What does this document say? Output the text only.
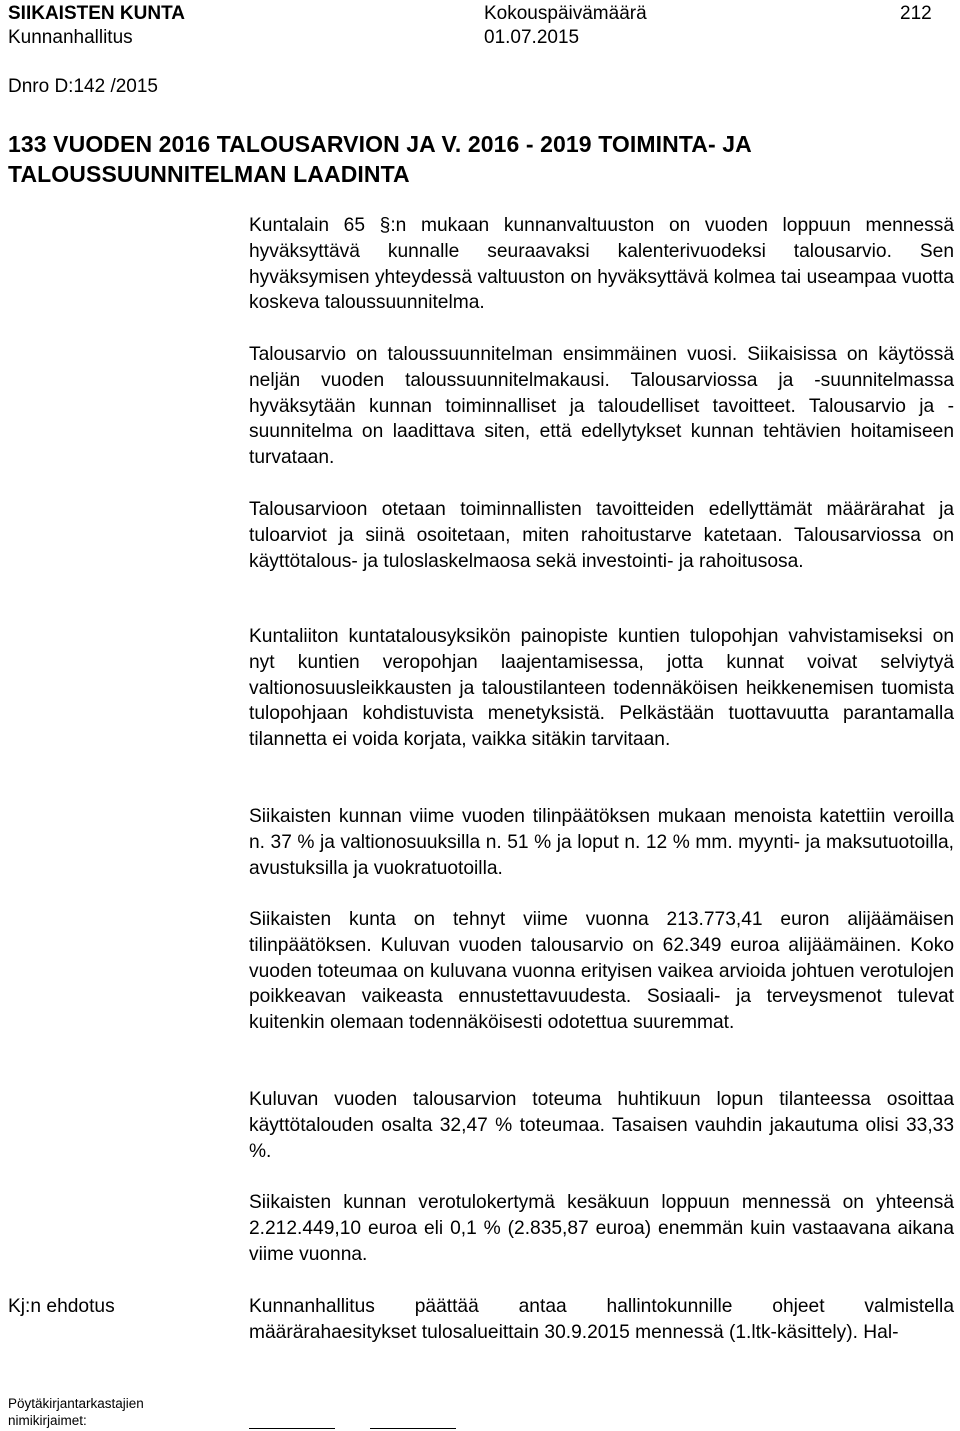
SIIKAISTEN KUNTA
Kunnanhallitus
Kokouspäivämäärä
01.07.2015
212
Dnro D:142 /2015
133 VUODEN 2016 TALOUSARVION JA V. 2016 - 2019 TOIMINTA- JA TALOUSSUUNNITELMAN LAADINTA

Kuntalain 65 §:n mukaan kunnanvaltuuston on vuoden loppuun mennessä hyväksyttävä kunnalle seuraavaksi kalenterivuodeksi talousarvio. Sen hyväksymisen yhteydessä valtuuston on hyväksyttävä kolmea tai useampaa vuotta koskeva taloussuunnitelma.

Talousarvio on taloussuunnitelman ensimmäinen vuosi. Siikaisissa on käytössä neljän vuoden taloussuunnitelmakausi. Talousarviossa ja -suunnitelmassa hyväksytään kunnan toiminnalliset ja taloudelliset tavoitteet. Talousarvio ja -suunnitelma on laadittava siten, että edellytykset kunnan tehtävien hoitamiseen turvataan.

Talousarvioon otetaan toiminnallisten tavoitteiden edellyttämät määrärahat ja tuloarviot ja siinä osoitetaan, miten rahoitustarve katetaan. Talousarviossa on käyttötalous- ja tuloslaskelmaosa sekä investointi- ja rahoitusosa.

Kuntaliiton kuntatalousyksikön painopiste kuntien tulopohjan vahvistamiseksi on nyt kuntien veropohjan laajentamisessa, jotta kunnat voivat selviytyä valtionosuusleikkausten ja taloustilanteen todennäköisen heikkenemisen tuomista tulopohjaan kohdistuvista menetyksistä. Pelkästään tuottavuutta parantamalla tilannetta ei voida korjata, vaikka sitäkin tarvitaan.

Siikaisten kunnan viime vuoden tilinpäätöksen mukaan menoista katettiin veroilla n. 37 % ja valtionosuuksilla n. 51 % ja loput n. 12 % mm. myynti- ja maksutuotoilla, avustuksilla ja vuokratuotoilla.

Siikaisten kunta on tehnyt viime vuonna 213.773,41 euron alijäämäisen tilinpäätöksen. Kuluvan vuoden talousarvio on 62.349 euroa alijäämäinen. Koko vuoden toteumaa on kuluvana vuonna erityisen vaikea arvioida johtuen verotulojen poikkeavan vaikeasta ennustettavuudesta. Sosiaali- ja terveysmenot tulevat kuitenkin olemaan todennäköisesti odotettua suuremmat.

Kuluvan vuoden talousarvion toteuma huhtikuun lopun tilanteessa osoittaa käyttötalouden osalta 32,47 % toteumaa. Tasaisen vauhdin jakautuma olisi 33,33 %.

Siikaisten kunnan verotulokertymä kesäkuun loppuun mennessä on yhteensä 2.212.449,10 euroa eli 0,1 % (2.835,87 euroa) enemmän kuin vastaavana aikana viime vuonna.

Kj:n ehdotus	Kunnanhallitus päättää antaa hallintokunnille ohjeet valmistella määrärahaesitykset tulosalueittain 30.9.2015 mennessä (1.ltk-käsittely). Hal-

Pöytäkirjantarkastajien
nimikirjaimet:
